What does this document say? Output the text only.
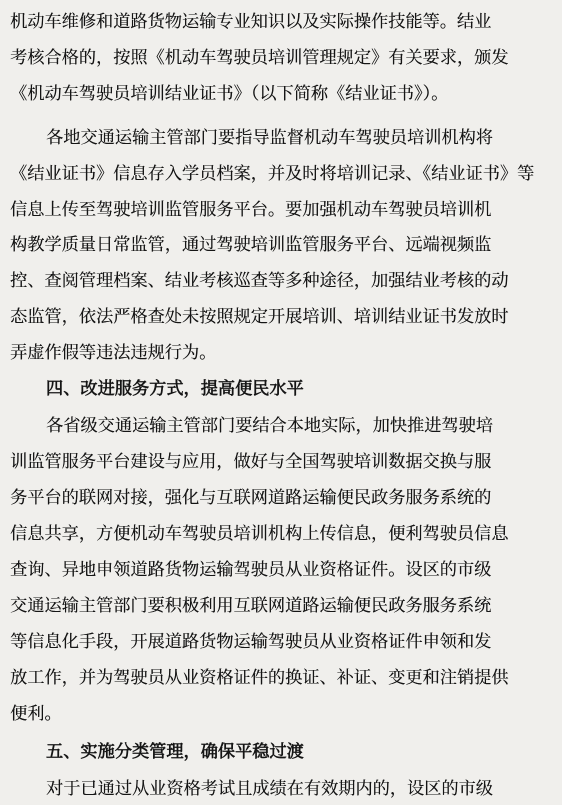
机动车维修和道路货物运输专业知识以及实际操作技能等。结业
考核合格的，按照《机动车驾驶员培训管理规定》有关要求，颁发
《机动车驾驶员培训结业证书》（以下简称《结业证书》）。
各地交通运输主管部门要指导监督机动车驾驶员培训机构将
《结业证书》信息存入学员档案，并及时将培训记录、《结业证书》等
信息上传至驾驶培训监管服务平台。要加强机动车驾驶员培训机
构教学质量日常监管，通过驾驶培训监管服务平台、远端视频监
控、查阅管理档案、结业考核巡查等多种途径，加强结业考核的动
态监管，依法严格查处未按照规定开展培训、培训结业证书发放时
弄虚作假等违法违规行为。
四、改进服务方式，提高便民水平
各省级交通运输主管部门要结合本地实际，加快推进驾驶培
训监管服务平台建设与应用，做好与全国驾驶培训数据交换与服
务平台的联网对接，强化与互联网道路运输便民政务服务系统的
信息共享，方便机动车驾驶员培训机构上传信息，便利驾驶员信息
查询、异地申领道路货物运输驾驶员从业资格证件。设区的市级
交通运输主管部门要积极利用互联网道路运输便民政务服务系统
等信息化手段，开展道路货物运输驾驶员从业资格证件申领和发
放工作，并为驾驶员从业资格证件的换证、补证、变更和注销提供
便利。
五、实施分类管理，确保平稳过渡
对于已通过从业资格考试且成绩在有效期内的，设区的市级
